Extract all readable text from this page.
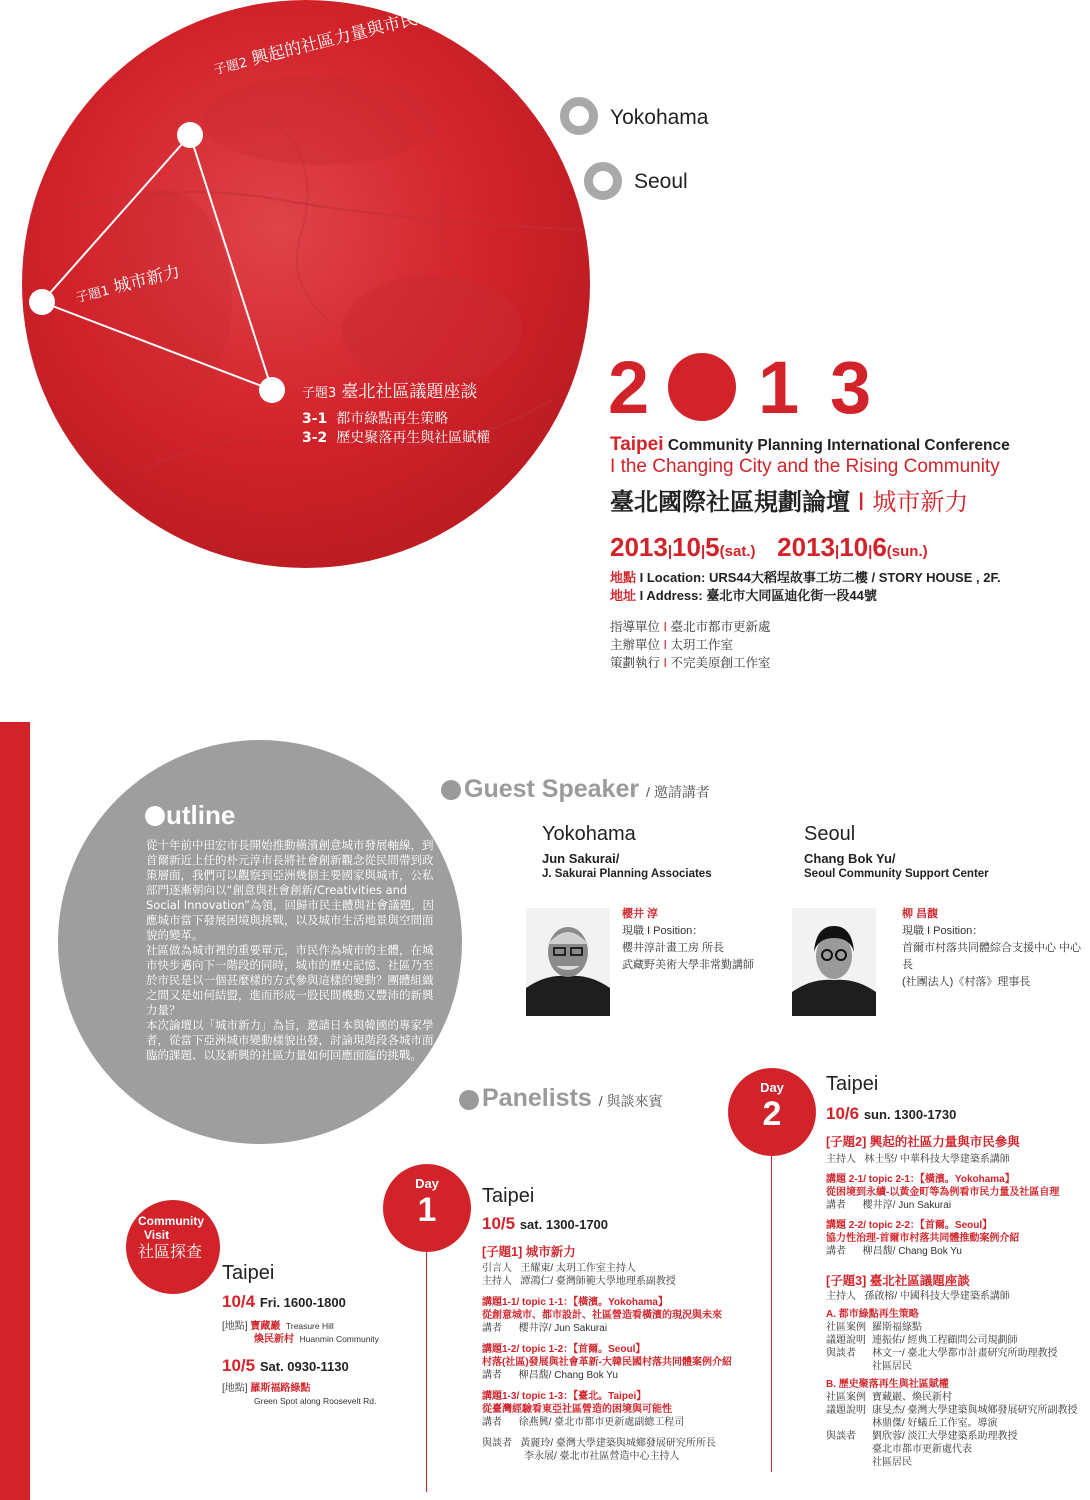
子題2 興起的社區力量與市民參與
子題1 城市新力
子題3 臺北社區議題座談
3-1 都市綠點再生策略
3-2 歷史聚落再生與社區賦權
Yokohama
Seoul
2 1 3
Taipei Community Planning International Conference
I the Changing City and the Rising Community
臺北國際社區規劃論壇 I 城市新力
2013|10|5(sat.) 2013|10|6(sun.)
地點 I Location: URS44大稻埕故事工坊二樓 / STORY HOUSE , 2F.
地址 I Address: 臺北市大同區迪化街一段44號
指導單位 I 臺北市都市更新處
主辦單位 I 太玥工作室
策劃執行 I 不完美原創工作室
utline

從十年前中田宏市長開始推動橫濱創意城市發展軸線，到首爾新近上任的朴元淳市長將社會創新觀念從民間帶到政策層面，我們可以觀察到亞洲幾個主要國家與城市，公私部門逐漸朝向以“創意與社會創新/Creativities and Social Innovation”為領，回歸市民主體與社會議題，因應城市當下發展困境與挑戰，以及城市生活地景與空間面貌的變革。

社區做為城市裡的重要單元，市民作為城市的主體，在城市快步邁向下一階段的同時，城市的歷史記憶、社區乃至於市民是以一個甚麼樣的方式參與這樣的變動？團體組織之間又是如何結盟，進而形成一股民間機動又豐沛的新興力量？

本次論壇以「城市新力」為旨，邀請日本與韓國的專家學者，從當下亞洲城市變動樣貌出發，討論現階段各城市面臨的課題、以及新興的社區力量如何回應面臨的挑戰。

Guest Speaker / 邀請講者
Yokohama
Jun Sakurai/
J. Sakurai Planning Associates
櫻井 淳
現職 I Position：
櫻井淳計畫工房 所長
武藏野美術大學非常勤講師
Seoul
Chang Bok Yu/
Seoul Community Support Center
柳 昌馥
現職 I Position：
首爾市村落共同體綜合支援中心 中心長
(社團法人)《村落》理事長
Panelists / 與談來賓
Community
Visit
社區探查
Taipei
10/4 Fri. 1600-1800
[地點] 寶藏巖 Treasure Hill
煥民新村 Huanmin Community
10/5 Sat. 0930-1130
[地點] 羅斯福路綠點
Green Spot along Roosevelt Rd.
Day
1	Taipei
10/5 sat. 1300-1700
[子題1] 城市新力
引言人 王耀東/ 太玥工作室主持人
主持人 譚鴻仁/ 臺灣師範大學地理系副教授
講題1-1/ topic 1-1：【橫濱。Yokohama】
從創意城市、都市設計、社區營造看橫濱的現況與未來
講者 櫻井淳/ Jun Sakurai
講題1-2/ topic 1-2：【首爾。Seoul】
村落(社區)發展與社會革新-大韓民國村落共同體案例介紹
講者 柳昌馥/ Chang Bok Yu
講題1-3/ topic 1-3：【臺北。Taipei】
從臺灣經驗看東亞社區營造的困境與可能性
講者 徐燕興/ 臺北市都市更新處副總工程司
與談者 黃麗玲/ 臺灣大學建築與城鄉發展研究所所長
李永展/ 臺北市社區營造中心主持人
Day
2
Taipei
10/6 sun. 1300-1730
[子題2] 興起的社區力量與市民參與
主持人 林士堅/ 中華科技大學建築系講師
講題 2-1/ topic 2-1：【橫濱。Yokohama】
從困境到永續-以黃金町等為例看市民力量及社區自理
講者 櫻井淳/ Jun Sakurai
講題 2-2/ topic 2-2：【首爾。Seoul】
協力性治理-首爾市村落共同體推動案例介紹
講者 柳昌馥/ Chang Bok Yu
[子題3] 臺北社區議題座談
主持人 孫啟榕/ 中國科技大學建築系講師
A. 都市綠點再生策略
社區案例 羅斯福綠點
議題說明 連振佑/ 經典工程顧問公司規劃師
與談者 林文一/ 臺北大學都市計畫研究所助理教授
社區居民
B. 歷史聚落再生與社區賦權
社區案例 寶藏巖、煥民新村
議題說明 康旻杰/ 臺灣大學建築與城鄉發展研究所副教授
林鼎傑/ 好蟻丘工作室。導演
與談者 劉欣蓉/ 淡江大學建築系助理教授
臺北市都市更新處代表
社區居民
